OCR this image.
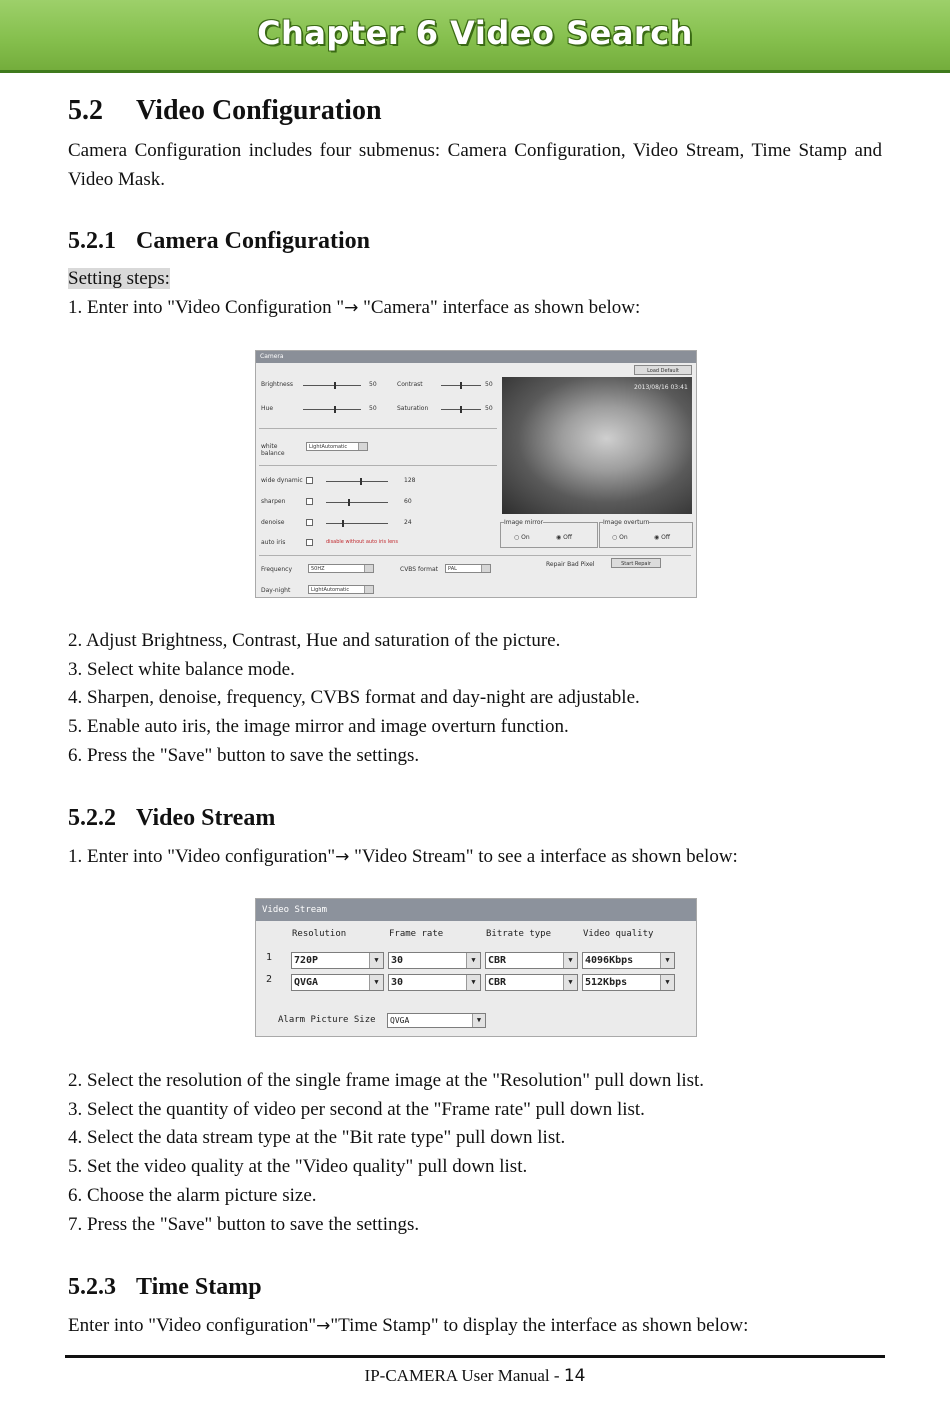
Chapter 6 Video Search
5.2 Video Configuration
Camera Configuration includes four submenus: Camera Configuration, Video Stream, Time Stamp and Video Mask.
5.2.1 Camera Configuration
Setting steps:
1. Enter into "Video Configuration "→ "Camera" interface as shown below:
Camera
Load Default
Brightness	50	Contrast	50
Hue	50	Saturation	50
white balance
LightAutomatic
wide dynamic	128
sharpen	60
denoise	24
auto iris	disable without auto iris lens
2013/08/16 03:41
Image mirror
○ On	◉ Off
Image overturn
○ On	◉ Off
Frequency	50HZ	CVBS format	PAL
Repair Bad Pixel	Start Repair
Day-night	LightAutomatic
2. Adjust Brightness, Contrast, Hue and saturation of the picture.
3. Select white balance mode.
4. Sharpen, denoise, frequency, CVBS format and day-night are adjustable.
5. Enable auto iris, the image mirror and image overturn function.
6. Press the "Save" button to save the settings.
5.2.2 Video Stream
1. Enter into "Video configuration"→ "Video Stream" to see a interface as shown below:
Video Stream
Resolution	Frame rate	Bitrate type	Video quality
1	720P	▼	30	▼	CBR	▼	4096Kbps	▼
2	QVGA	▼	30	▼	CBR	▼	512Kbps	▼
Alarm Picture Size	QVGA	▼
2. Select the resolution of the single frame image at the "Resolution" pull down list.
3. Select the quantity of video per second at the "Frame rate" pull down list.
4. Select the data stream type at the "Bit rate type" pull down list.
5. Set the video quality at the "Video quality" pull down list.
6. Choose the alarm picture size.
7. Press the "Save" button to save the settings.
5.2.3 Time Stamp
Enter into "Video configuration"→"Time Stamp" to display the interface as shown below:
IP-CAMERA User Manual - 14
